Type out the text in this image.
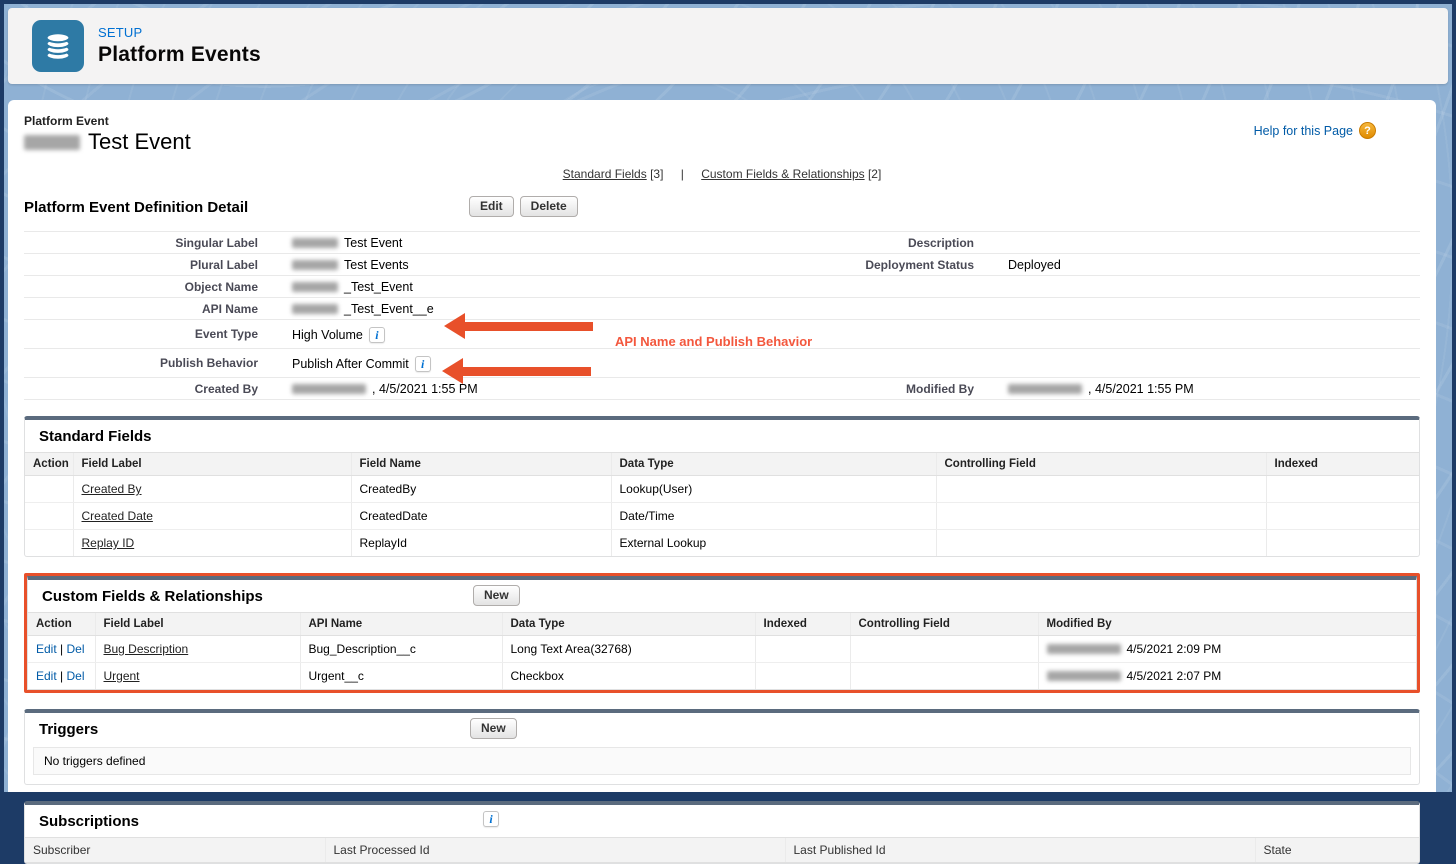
SETUP
Platform Events
Platform Event
Test Event	Help for this Page	?
Standard Fields [3] | Custom Fields & Relationships [2]
Platform Event Definition Detail	Edit	Delete
Singular Label	Test Event	Description
Plural Label	Test Events	Deployment Status	Deployed
Object Name	_Test_Event
API Name	_Test_Event__e
Event Type	High Volume	i
Publish Behavior	Publish After Commit	i
Created By	, 4/5/2021 1:55 PM	Modified By	, 4/5/2021 1:55 PM
API Name and Publish Behavior
Standard Fields
Action	Field Label	Field Name	Data Type	Controlling Field	Indexed
	Created By	CreatedBy	Lookup(User)		
	Created Date	CreatedDate	Date/Time		
	Replay ID	ReplayId	External Lookup		
Custom Fields & Relationships	New
Action	Field Label	API Name	Data Type	Indexed	Controlling Field	Modified By
Edit | Del	Bug Description	Bug_Description__c	Long Text Area(32768)			4/5/2021 2:09 PM

Edit | Del	Urgent	Urgent__c	Checkbox			4/5/2021 2:07 PM
Triggers	New
No triggers defined
Subscriptions	i
Subscriber	Last Processed Id	Last Published Id	State
